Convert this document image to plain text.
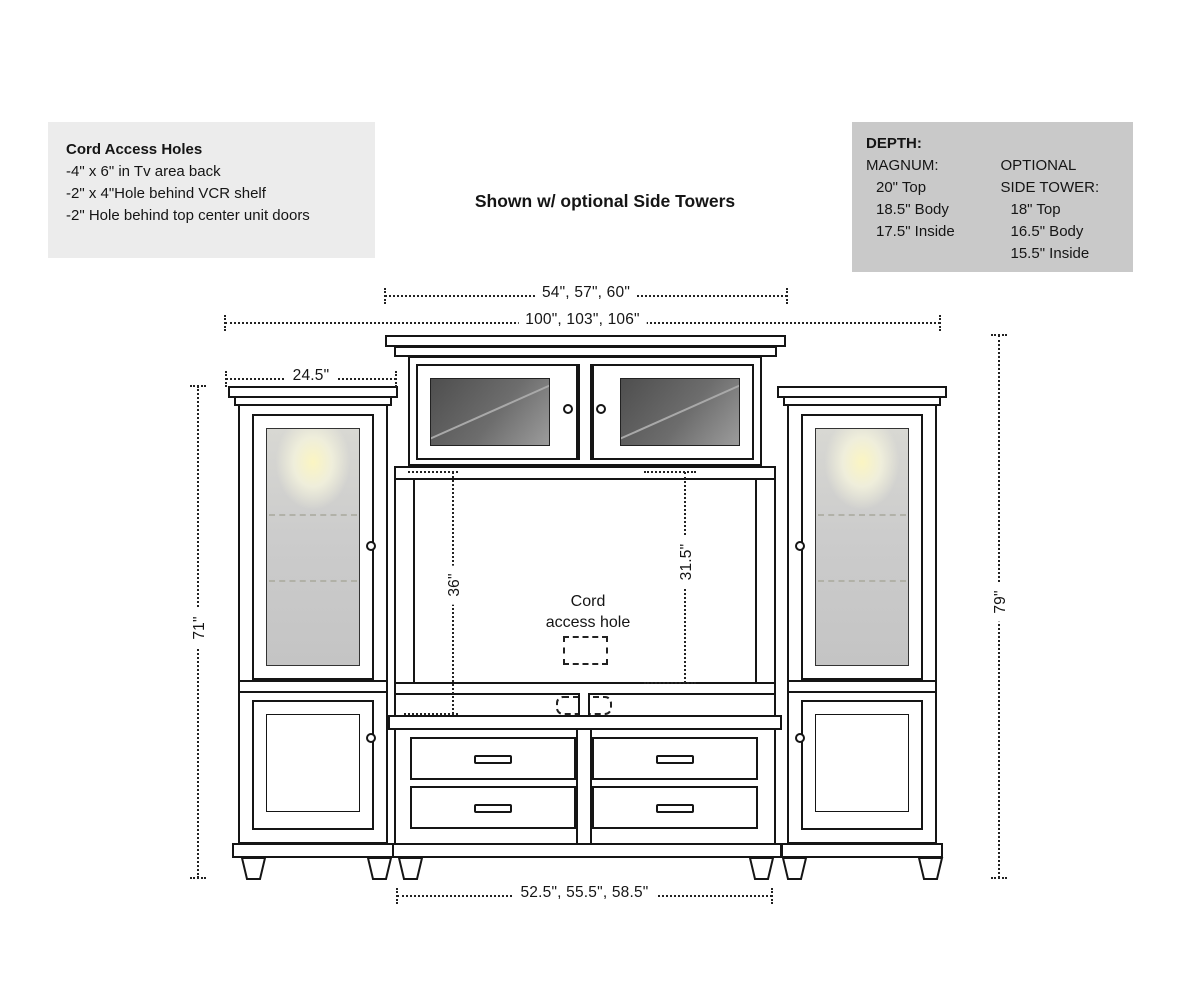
Cord Access Holes
-4" x 6" in Tv area back
-2" x 4"Hole behind VCR shelf
-2" Hole behind top center unit doors
DEPTH:
MAGNUM:
20" Top
18.5" Body
17.5" Inside
OPTIONAL
SIDE TOWER:
18" Top
16.5" Body
15.5" Inside
Shown w/ optional Side Towers
Cord
access hole
54", 57", 60"
100", 103", 106"
24.5"
52.5", 55.5", 58.5"
71"
79"
36"
31.5"
